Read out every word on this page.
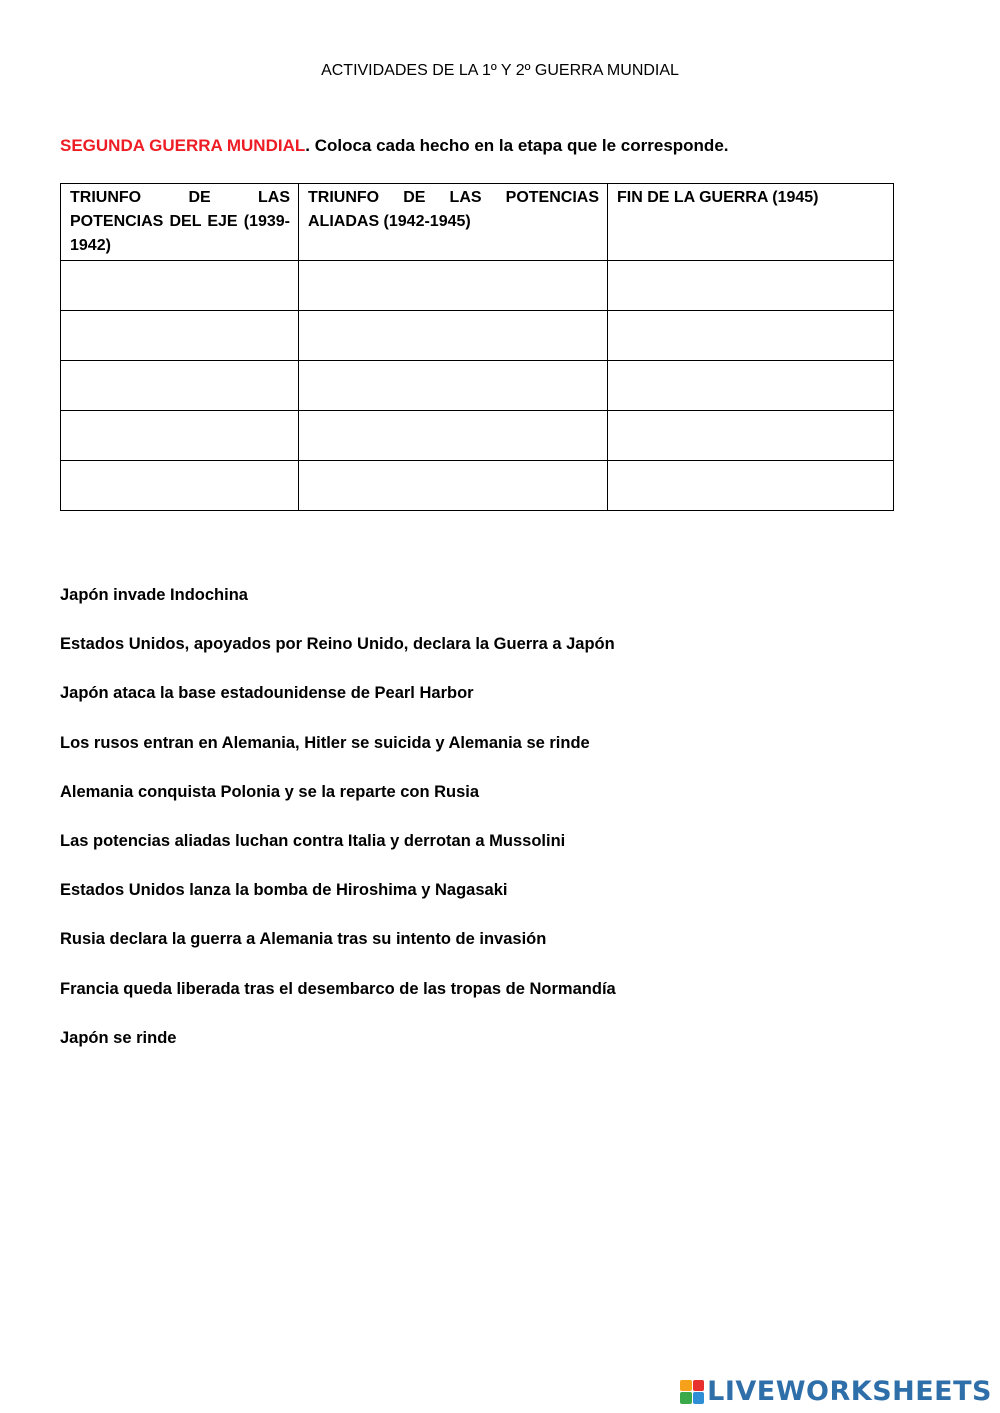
ACTIVIDADES DE LA 1º Y 2º GUERRA MUNDIAL
SEGUNDA GUERRA MUNDIAL. Coloca cada hecho en la etapa que le corresponde.
TRIUNFO DE LAS POTENCIAS DEL EJE (1939-1942)	TRIUNFO DE LAS POTENCIAS ALIADAS (1942-1945)	FIN DE LA GUERRA (1945)

Japón invade Indochina
Estados Unidos, apoyados por Reino Unido, declara la Guerra a Japón
Japón ataca la base estadounidense de Pearl Harbor
Los rusos entran en Alemania, Hitler se suicida y Alemania se rinde
Alemania conquista Polonia y se la reparte con Rusia
Las potencias aliadas luchan contra Italia y derrotan a Mussolini
Estados Unidos lanza la bomba de Hiroshima y Nagasaki
Rusia declara la guerra a Alemania tras su intento de invasión
Francia queda liberada tras el desembarco de las tropas de Normandía
Japón se rinde
LIVEWORKSHEETS
